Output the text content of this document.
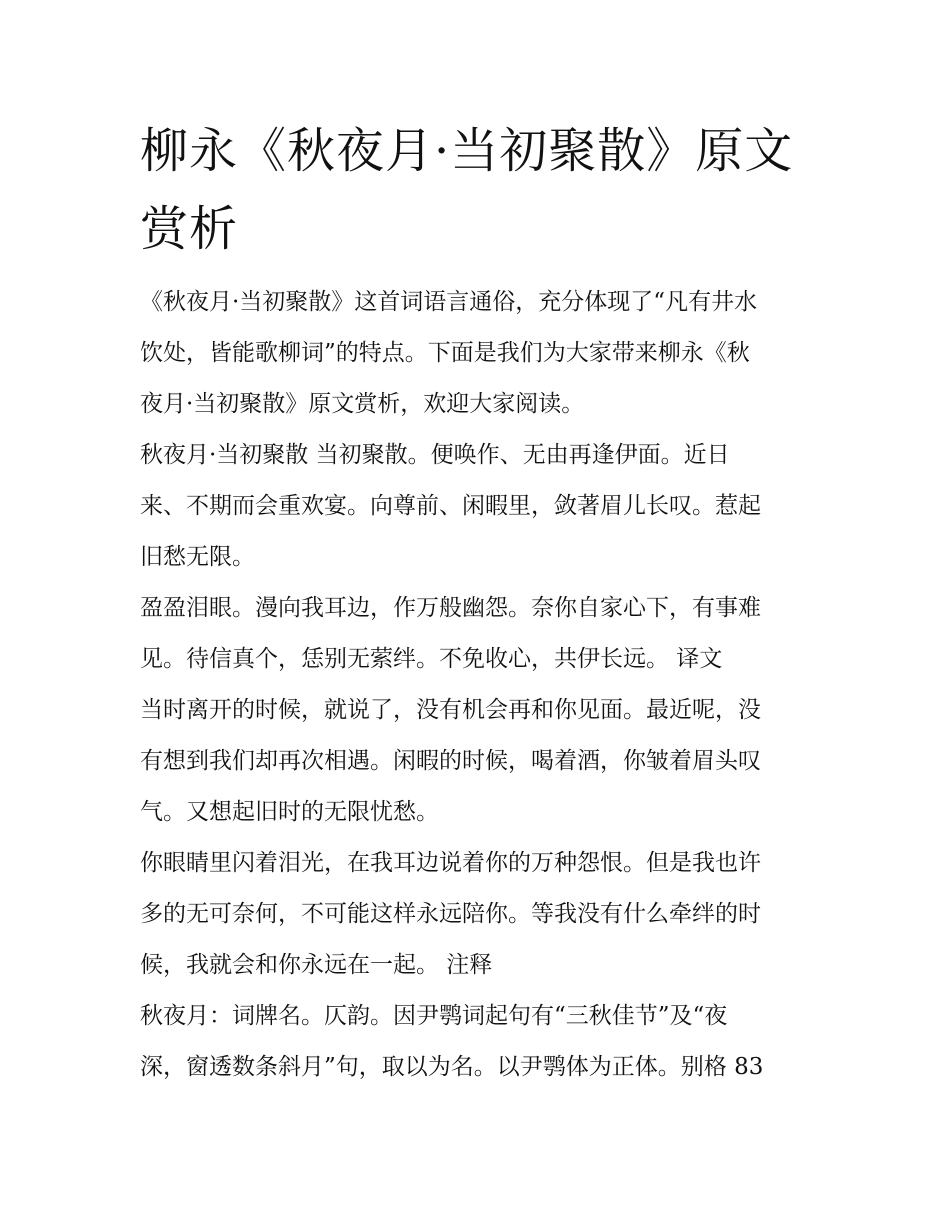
柳永《秋夜月·当初聚散》原文赏析
《秋夜月·当初聚散》这首词语言通俗，充分体现了“凡有井水
饮处，皆能歌柳词”的特点。下面是我们为大家带来柳永《秋
夜月·当初聚散》原文赏析，欢迎大家阅读。
秋夜月·当初聚散 当初聚散。便唤作、无由再逢伊面。近日
来、不期而会重欢宴。向尊前、闲暇里，敛著眉儿长叹。惹起
旧愁无限。
盈盈泪眼。漫向我耳边，作万般幽怨。奈你自家心下，有事难
见。待信真个，恁别无萦绊。不免收心，共伊长远。 译文
当时离开的时候，就说了，没有机会再和你见面。最近呢，没
有想到我们却再次相遇。闲暇的时候，喝着酒，你皱着眉头叹
气。又想起旧时的无限忧愁。
你眼睛里闪着泪光，在我耳边说着你的万种怨恨。但是我也许
多的无可奈何，不可能这样永远陪你。等我没有什么牵绊的时
候，我就会和你永远在一起。 注释
秋夜月：词牌名。仄韵。因尹鹗词起句有“三秋佳节”及“夜
深，窗透数条斜月”句，取以为名。以尹鹗体为正体。别格 83
